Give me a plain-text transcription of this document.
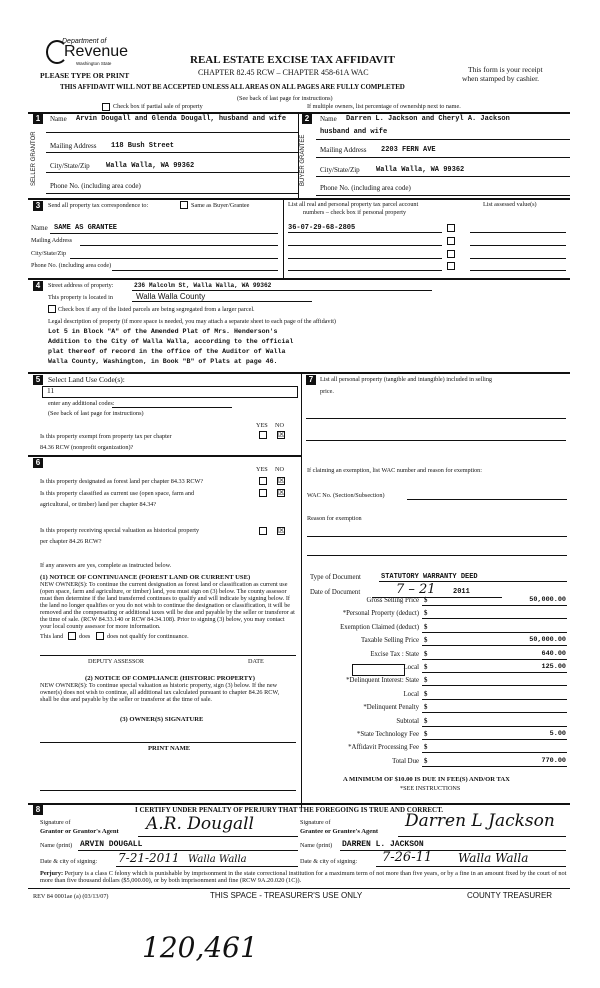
Department of
Revenue
Washington State
PLEASE TYPE OR PRINT
REAL ESTATE EXCISE TAX AFFIDAVIT
CHAPTER 82.45 RCW – CHAPTER 458-61A WAC	This form is your receipt
when stamped by cashier.
THIS AFFIDAVIT WILL NOT BE ACCEPTED UNLESS ALL AREAS ON ALL PAGES ARE FULLY COMPLETED
(See back of last page for instructions)
Check box if partial sale of property	If multiple owners, list percentage of ownership next to name.
1
SELLER GRANTOR
Name Arvin Dougall and Glenda Dougall, husband and wife
Mailing Address 118 Bush Street
City/State/Zip Walla Walla, WA 99362
Phone No. (including area code)
2
BUYER GRANTEE
Name Darren L. Jackson and Cheryl A. Jackson
husband and wife
Mailing Address 2203 FERN AVE
City/State/Zip Walla Walla, WA 99362
Phone No. (including area code)
3	Send all property tax correspondence to:	Same as Buyer/Grantee
Name SAME AS GRANTEE
Mailing Address
City/State/Zip
Phone No. (including area code)
List all real and personal property tax parcel account
numbers – check box if personal property
List assessed value(s)
36-07-29-68-2805
4	Street address of property:	236 Malcolm St, Walla Walla, WA 99362
This property is located in	Walla Walla County
Check box if any of the listed parcels are being segregated from a larger parcel.
Legal description of property (if more space is needed, you may attach a separate sheet to each page of the affidavit)
Lot 5 in Block "A" of the Amended Plat of Mrs. Henderson's
Addition to the City of Walla Walla, according to the official
plat thereof of record in the office of the Auditor of Walla
Walla County, Washington, in Book "B" of Plats at page 46.
5	Select Land Use Code(s):
11
enter any additional codes:
(See back of last page for instructions)
YES NO
Is this property exempt from property tax per chapter
84.36 RCW (nonprofit organization)?
☒
7	List all personal property (tangible and intangible) included in selling
price.
6
YES NO
Is this property designated as forest land per chapter 84.33 RCW?	☒
Is this property classified as current use (open space, farm and
agricultural, or timber) land per chapter 84.34?
☒
Is this property receiving special valuation as historical property
per chapter 84.26 RCW?
☒
If any answers are yes, complete as instructed below.
(1) NOTICE OF CONTINUANCE (FOREST LAND OR CURRENT USE)
NEW OWNER(S): To continue the current designation as forest land or classification as current use (open space, farm and agriculture, or timber) land, you must sign on (3) below. The county assessor must then determine if the land transferred continues to qualify and will indicate by signing below. If the land no longer qualifies or you do not wish to continue the designation or classification, it will be removed and the compensating or additional taxes will be due and payable by the seller or transferor at the time of sale. (RCW 84.33.140 or RCW 84.34.108). Prior to signing (3) below, you may contact your local county assessor for more information.
This land	does	does not qualify for continuance.
DEPUTY ASSESSOR	DATE
(2) NOTICE OF COMPLIANCE (HISTORIC PROPERTY)
NEW OWNER(S): To continue special valuation as historic property, sign (3) below. If the new owner(s) does not wish to continue, all additional tax calculated pursuant to chapter 84.26 RCW, shall be due and payable by the seller or transferor at the time of sale.
(3) OWNER(S) SIGNATURE
PRINT NAME
If claiming an exemption, list WAC number and reason for exemption:
WAC No. (Section/Subsection)
Reason for exemption
Type of Document	STATUTORY WARRANTY DEED
Date of Document	7 – 21 2011
Gross Selling Price $	50,000.00
*Personal Property (deduct) $
Exemption Claimed (deduct) $
Taxable Selling Price $	50,000.00
Excise Tax : State $	640.00
Local $	125.00
*Delinquent Interest: State $
Local $
*Delinquent Penalty $
Subtotal $
*State Technology Fee $	5.00
*Affidavit Processing Fee $
Total Due $	770.00
A MINIMUM OF $10.00 IS DUE IN FEE(S) AND/OR TAX
*SEE INSTRUCTIONS
8	I CERTIFY UNDER PENALTY OF PERJURY THAT THE FOREGOING IS TRUE AND CORRECT.
Signature of
Grantor or Grantor's Agent A.R. Dougall	Signature of
Grantee or Grantee's Agent
Darren L Jackson
Name (print) ARVIN DOUGALL	Name (print) DARREN L. JACKSON
Date & city of signing: 7-21-2011 Walla Walla	Date & city of signing: 7-26-11 Walla Walla
Perjury: Perjury is a class C felony which is punishable by imprisonment in the state correctional institution for a maximum term of not more than five years, or by a fine in an amount fixed by the court of not more than five thousand dollars ($5,000.00), or by both imprisonment and fine (RCW 9A.20.020 (1C)).
REV 84 0001ae (a) (03/13/07)	THIS SPACE - TREASURER'S USE ONLY	COUNTY TREASURER
120,461
